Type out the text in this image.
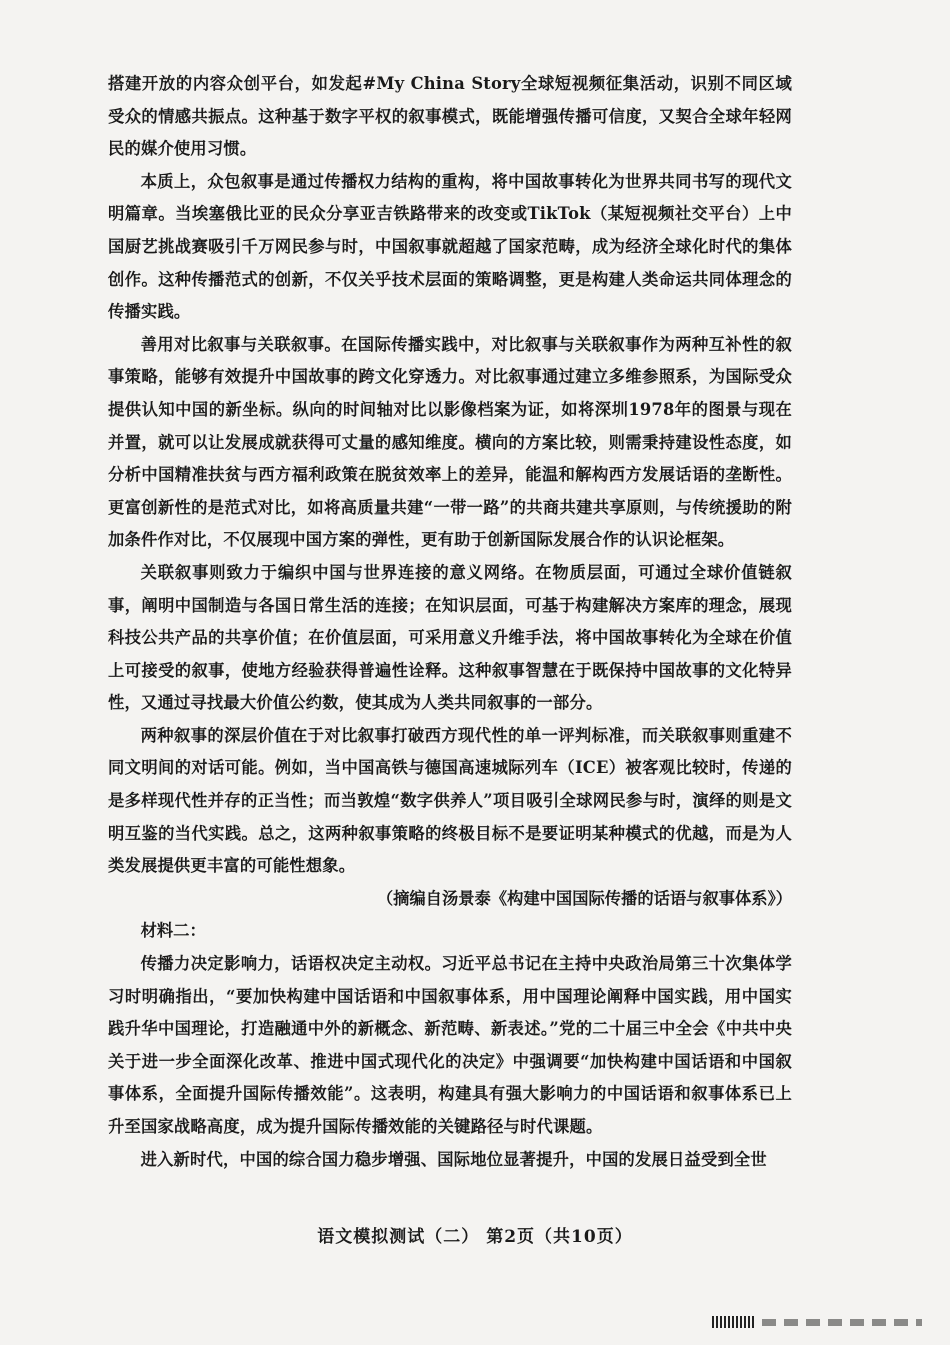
搭建开放的内容众创平台，如发起#My China Story全球短视频征集活动，识别不同区域受众的情感共振点。这种基于数字平权的叙事模式，既能增强传播可信度，又契合全球年轻网民的媒介使用习惯。

本质上，众包叙事是通过传播权力结构的重构，将中国故事转化为世界共同书写的现代文明篇章。当埃塞俄比亚的民众分享亚吉铁路带来的改变或TikTok（某短视频社交平台）上中国厨艺挑战赛吸引千万网民参与时，中国叙事就超越了国家范畴，成为经济全球化时代的集体创作。这种传播范式的创新，不仅关乎技术层面的策略调整，更是构建人类命运共同体理念的传播实践。

善用对比叙事与关联叙事。在国际传播实践中，对比叙事与关联叙事作为两种互补性的叙事策略，能够有效提升中国故事的跨文化穿透力。对比叙事通过建立多维参照系，为国际受众提供认知中国的新坐标。纵向的时间轴对比以影像档案为证，如将深圳1978年的图景与现在并置，就可以让发展成就获得可丈量的感知维度。横向的方案比较，则需秉持建设性态度，如分析中国精准扶贫与西方福利政策在脱贫效率上的差异，能温和解构西方发展话语的垄断性。更富创新性的是范式对比，如将高质量共建“一带一路”的共商共建共享原则，与传统援助的附加条件作对比，不仅展现中国方案的弹性，更有助于创新国际发展合作的认识论框架。

关联叙事则致力于编织中国与世界连接的意义网络。在物质层面，可通过全球价值链叙事，阐明中国制造与各国日常生活的连接；在知识层面，可基于构建解决方案库的理念，展现科技公共产品的共享价值；在价值层面，可采用意义升维手法，将中国故事转化为全球在价值上可接受的叙事，使地方经验获得普遍性诠释。这种叙事智慧在于既保持中国故事的文化特异性，又通过寻找最大价值公约数，使其成为人类共同叙事的一部分。

两种叙事的深层价值在于对比叙事打破西方现代性的单一评判标准，而关联叙事则重建不同文明间的对话可能。例如，当中国高铁与德国高速城际列车（ICE）被客观比较时，传递的是多样现代性并存的正当性；而当敦煌“数字供养人”项目吸引全球网民参与时，演绎的则是文明互鉴的当代实践。总之，这两种叙事策略的终极目标不是要证明某种模式的优越，而是为人类发展提供更丰富的可能性想象。

（摘编自汤景泰《构建中国国际传播的话语与叙事体系》）

材料二：

传播力决定影响力，话语权决定主动权。习近平总书记在主持中央政治局第三十次集体学习时明确指出，“要加快构建中国话语和中国叙事体系，用中国理论阐释中国实践，用中国实践升华中国理论，打造融通中外的新概念、新范畴、新表述。”党的二十届三中全会《中共中央关于进一步全面深化改革、推进中国式现代化的决定》中强调要“加快构建中国话语和中国叙事体系，全面提升国际传播效能”。这表明，构建具有强大影响力的中国话语和叙事体系已上升至国家战略高度，成为提升国际传播效能的关键路径与时代课题。

进入新时代，中国的综合国力稳步增强、国际地位显著提升，中国的发展日益受到全世

语文模拟测试（二） 第2页（共10页）
